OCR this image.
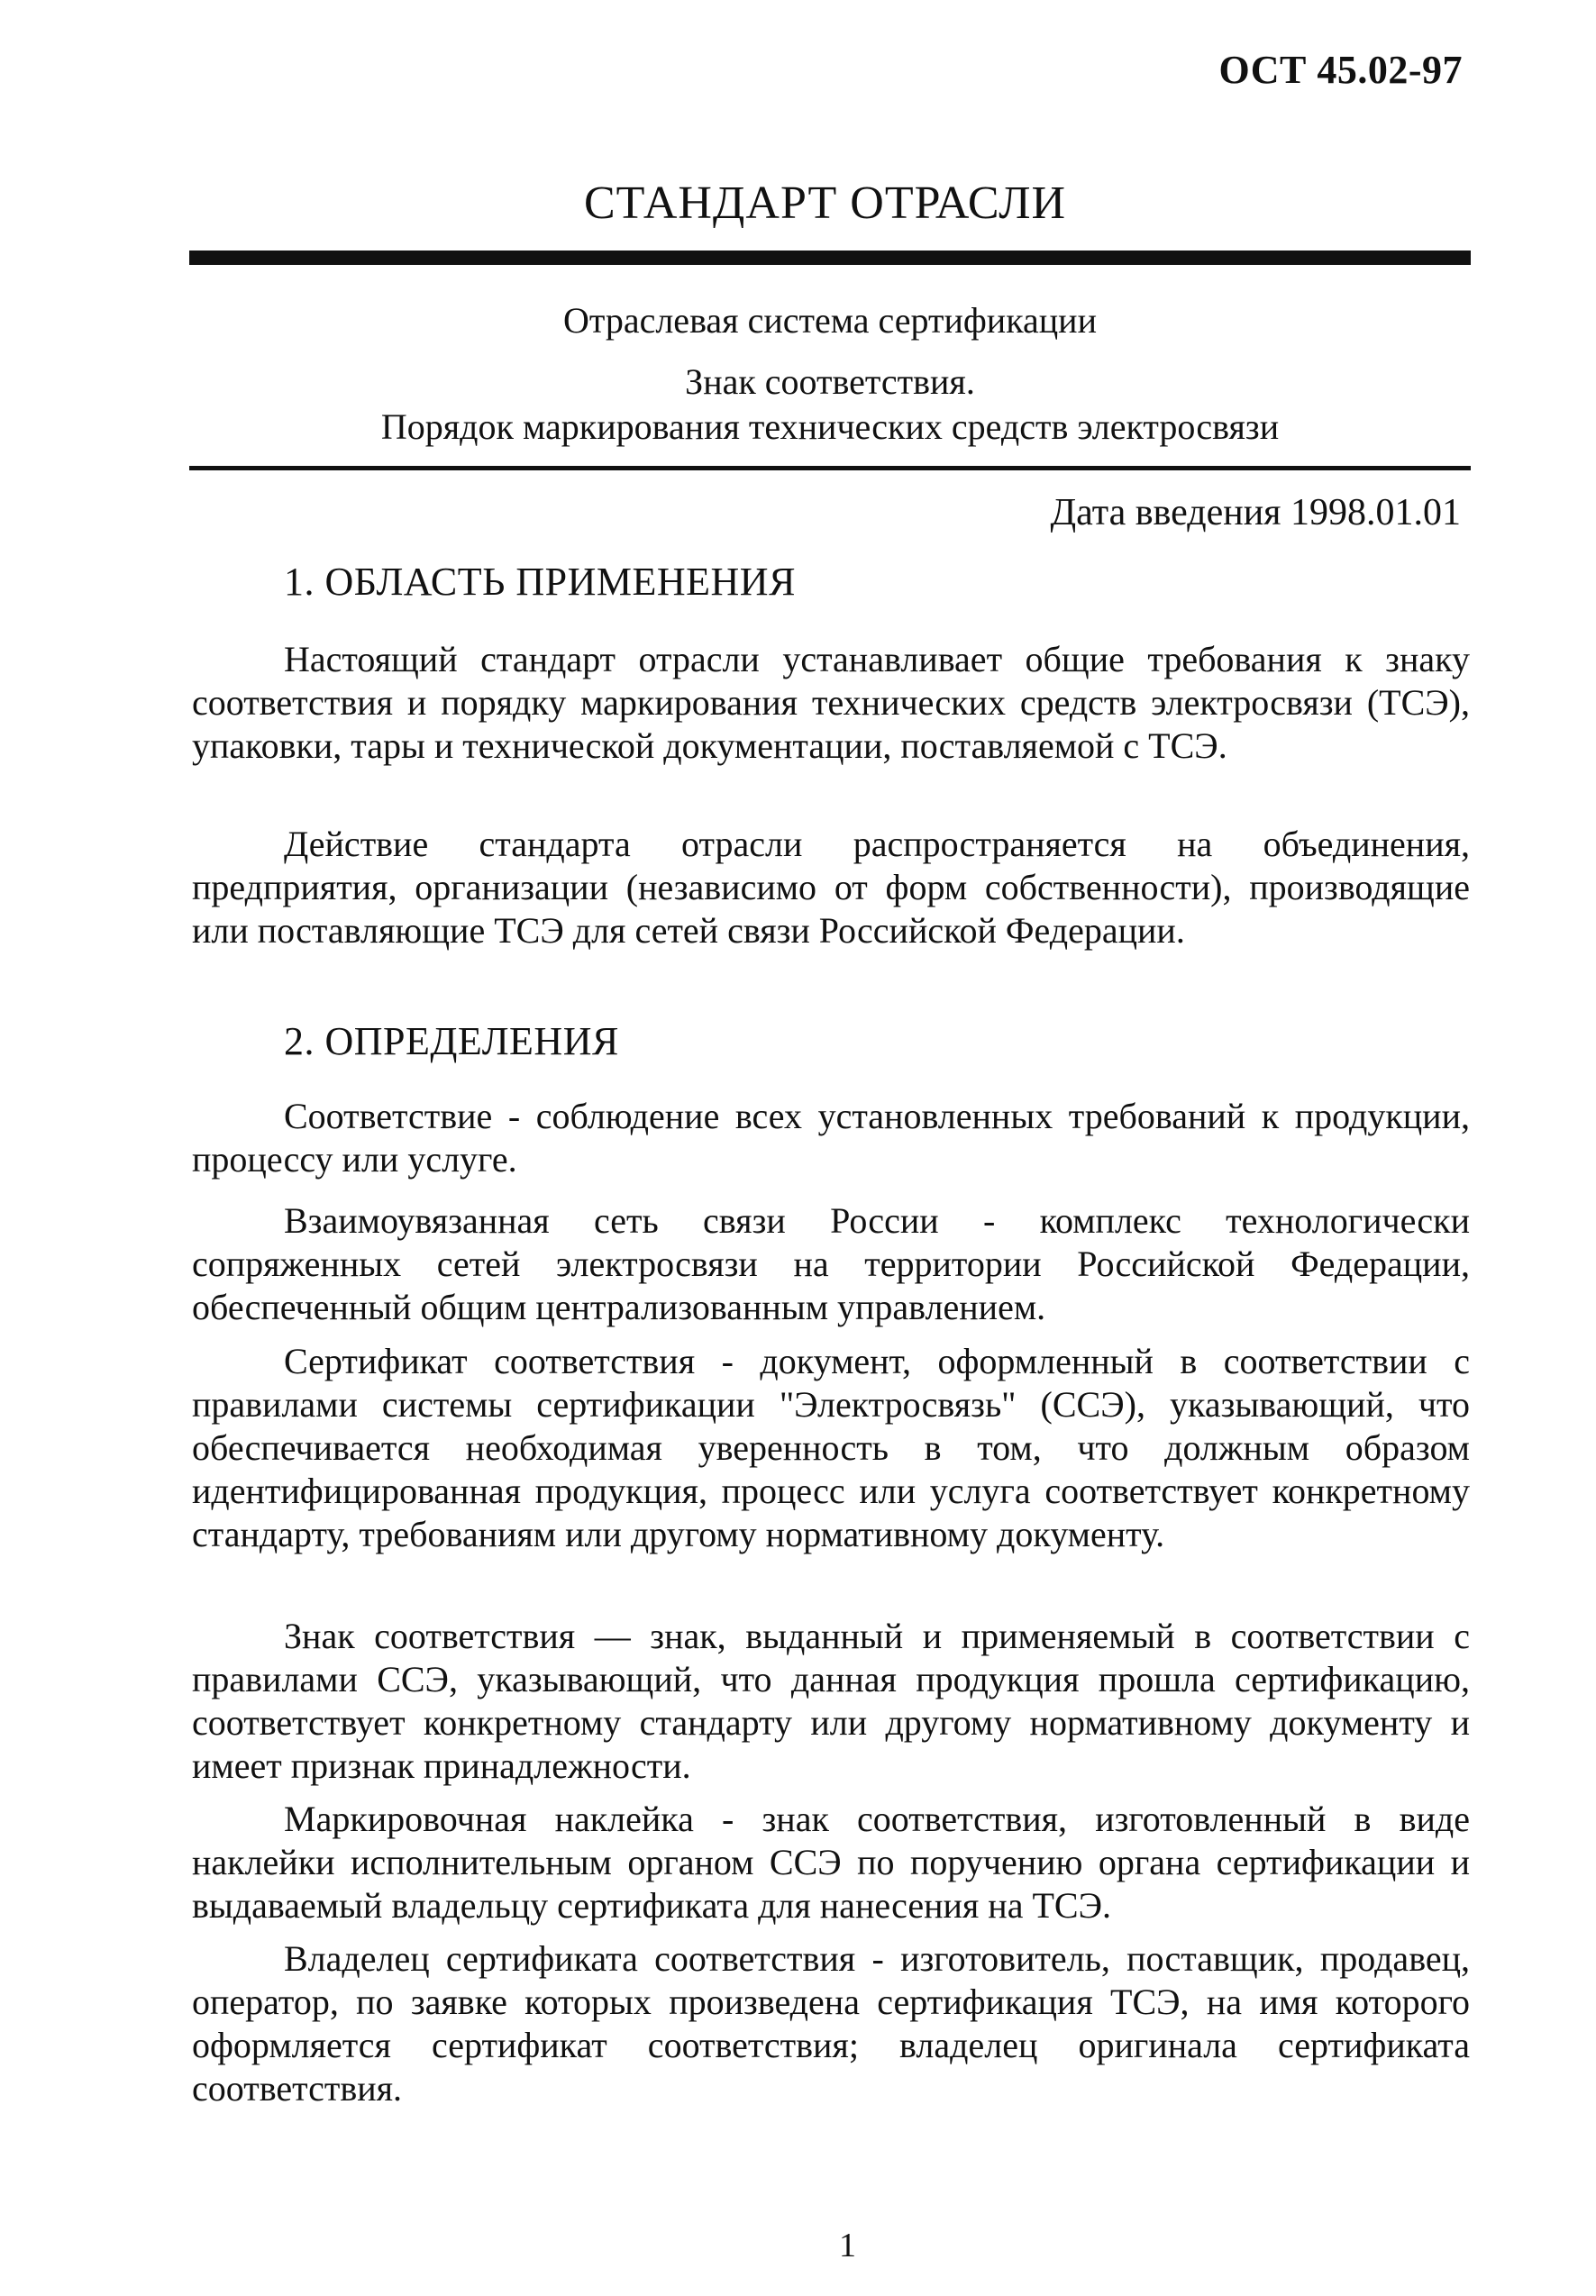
ОСТ 45.02-97
СТАНДАРТ ОТРАСЛИ
Отраслевая система сертификации
Знак соответствия.
Порядок маркирования технических средств электросвязи
Дата введения 1998.01.01
1. ОБЛАСТЬ ПРИМЕНЕНИЯ

Настоящий стандарт отрасли устанавливает общие требования к знаку соответствия и порядку маркирования технических средств электросвязи (ТСЭ), упаковки, тары и технической документации, поставляемой с ТСЭ.

Действие стандарта отрасли распространяется на объединения, предприятия, организации (независимо от форм собственности), производящие или поставляющие ТСЭ для сетей связи Российской Федерации.

2. ОПРЕДЕЛЕНИЯ

Соответствие - соблюдение всех установленных требований к продукции, процессу или услуге.

Взаимоувязанная сеть связи России - комплекс технологически сопряженных сетей электросвязи на территории Российской Федерации, обеспеченный общим централизованным управлением.

Сертификат соответствия - документ, оформленный в соответствии с правилами системы сертификации "Электросвязь" (ССЭ), указывающий, что обеспечивается необходимая уверенность в том, что должным образом идентифицированная продукция, процесс или услуга соответствует конкретному стандарту, требованиям или другому нормативному документу.

Знак соответствия — знак, выданный и применяемый в соответствии с правилами ССЭ, указывающий, что данная продукция прошла сертификацию, соответствует конкретному стандарту или другому нормативному документу и имеет признак принадлежности.

Маркировочная наклейка - знак соответствия, изготовленный в виде наклейки исполнительным органом ССЭ по поручению органа сертификации и выдаваемый владельцу сертификата для нанесения на ТСЭ.

Владелец сертификата соответствия - изготовитель, поставщик, продавец, оператор, по заявке которых произведена сертификация ТСЭ, на имя которого оформляется сертификат соответствия; владелец оригинала сертификата соответствия.

1
